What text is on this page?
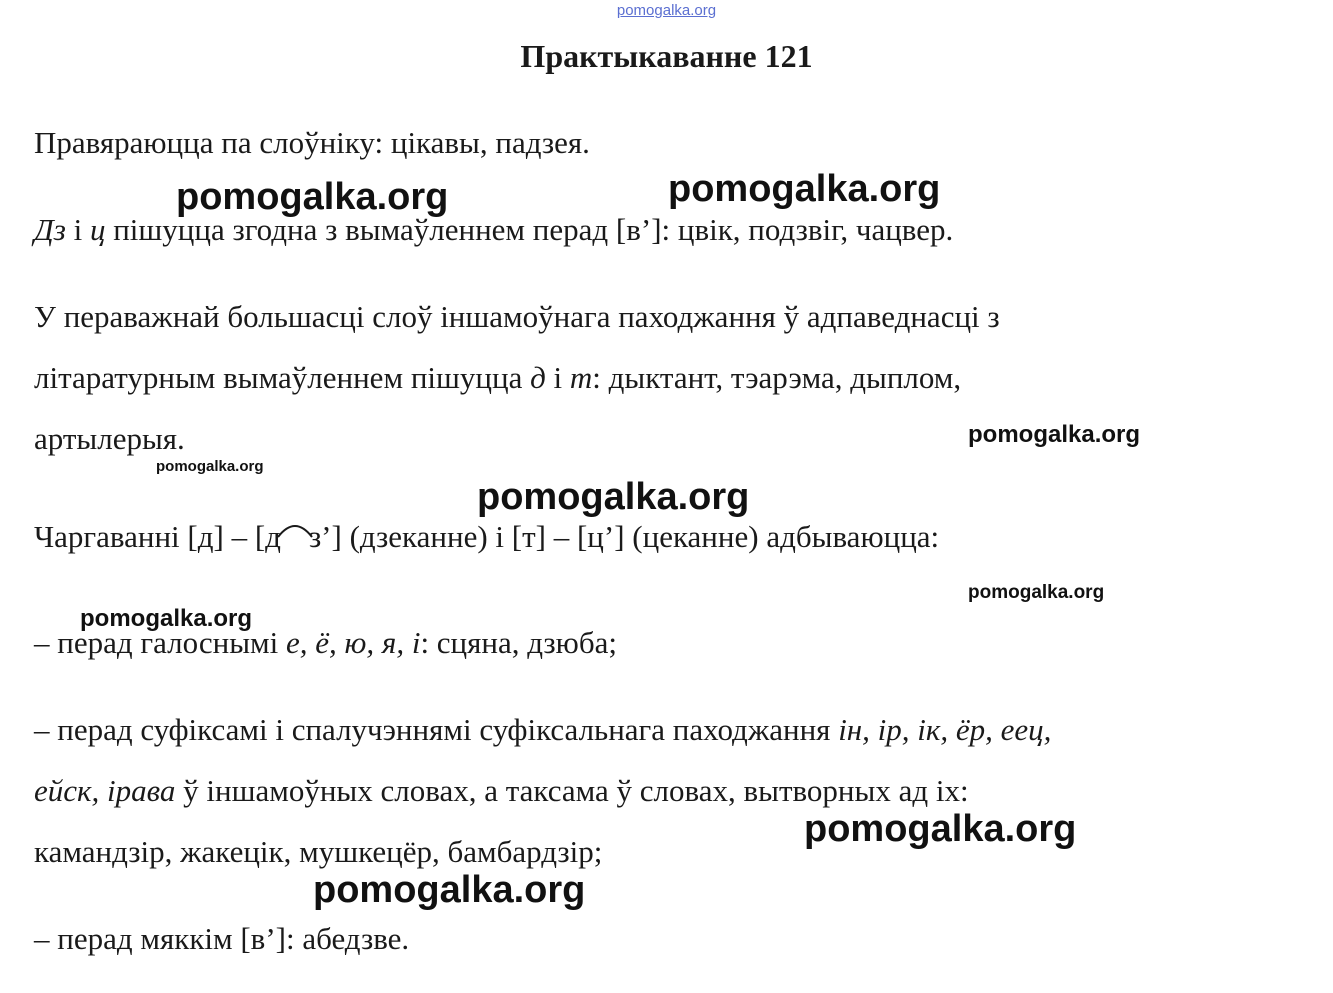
pomogalka.org
Практыкаванне 121

Правяраюцца па слоўніку: цікавы, падзея.

Дз і ц пішуцца згодна з вымаўленнем перад [в’]: цвік, подзвіг, чацвер.

У пераважнай большасці слоў іншамоўнага паходжання ў адпаведнасці з

літаратурным вымаўленнем пішуцца д і т: дыктант, тэарэма, дыплом,

артылерыя.

Чаргаванні [д] – [д з’] (дзеканне) і [т] – [ц’] (цеканне) адбываюцца:

– перад галоснымі е, ё, ю, я, і: сцяна, дзюба;

– перад суфіксамі і спалучэннямі суфіксальнага паходжання ін, ір, ік, ёр, еец,

ейск, ірава ў іншамоўных словах, а таксама ў словах, вытворных ад іх:

камандзір, жакецік, мушкецёр, бамбардзір;

– перад мяккім [в’]: абедзве.

pomogalka.org	pomogalka.org
pomogalka.org
pomogalka.org
pomogalka.org
pomogalka.org
pomogalka.org
pomogalka.org
pomogalka.org
